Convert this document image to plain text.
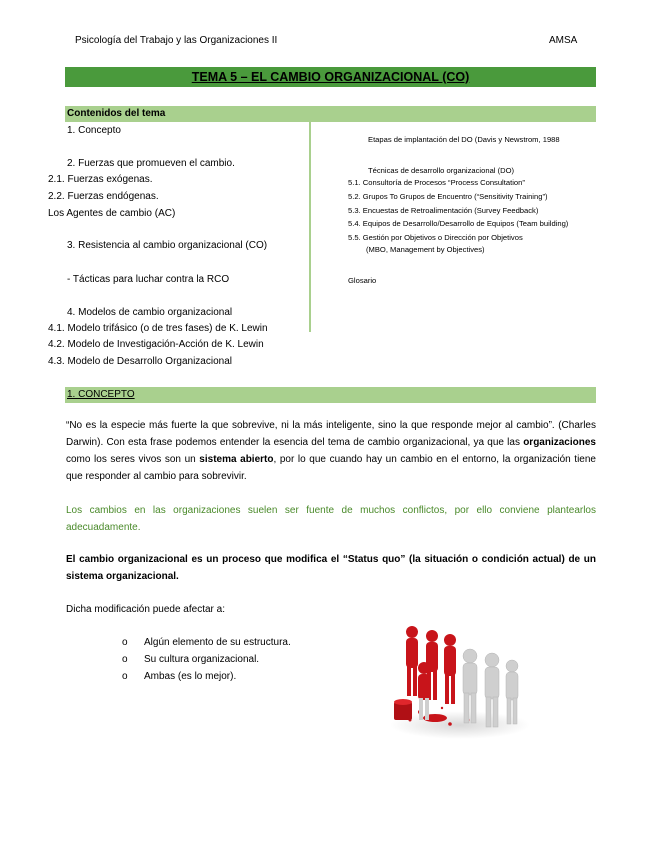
Psicología del Trabajo y las Organizaciones II	AMSA
TEMA 5 – EL CAMBIO ORGANIZACIONAL (CO)
Contenidos del tema
1. Concepto
2. Fuerzas que promueven el cambio.
2.1. Fuerzas exógenas.
2.2. Fuerzas endógenas.
Los Agentes de cambio (AC)
3. Resistencia al cambio organizacional (CO)
- Tácticas para luchar contra la RCO
4. Modelos de cambio organizacional
4.1. Modelo trifásico (o de tres fases) de K. Lewin
4.2. Modelo de Investigación-Acción de K. Lewin
4.3. Modelo de Desarrollo Organizacional
Etapas de implantación del DO (Davis y Newstrom, 1988
Técnicas de desarrollo organizacional (DO)
5.1. Consultoría de Procesos “Process Consultation”
5.2. Grupos To Grupos de Encuentro (“Sensitivity Training”)
5.3. Encuestas de Retroalimentación (Survey Feedback)
5.4. Equipos de Desarrollo/Desarrollo de Equipos (Team building)
5.5. Gestión por Objetivos o Dirección por Objetivos
(MBO, Management by Objectives)
Glosario
1. CONCEPTO
“No es la especie más fuerte la que sobrevive, ni la más inteligente, sino la que responde mejor al cambio”. (Charles Darwin). Con esta frase podemos entender la esencia del tema de cambio organizacional, ya que las organizaciones como los seres vivos son un sistema abierto, por lo que cuando hay un cambio en el entorno, la organización tiene que responder al cambio para sobrevivir.
Los cambios en las organizaciones suelen ser fuente de muchos conflictos, por ello conviene plantearlos adecuadamente.
El cambio organizacional es un proceso que modifica el “Status quo” (la situación o condición actual) de un sistema organizacional.
Dicha modificación puede afectar a:
o Algún elemento de su estructura.
o Su cultura organizacional.
o Ambas (es lo mejor).
